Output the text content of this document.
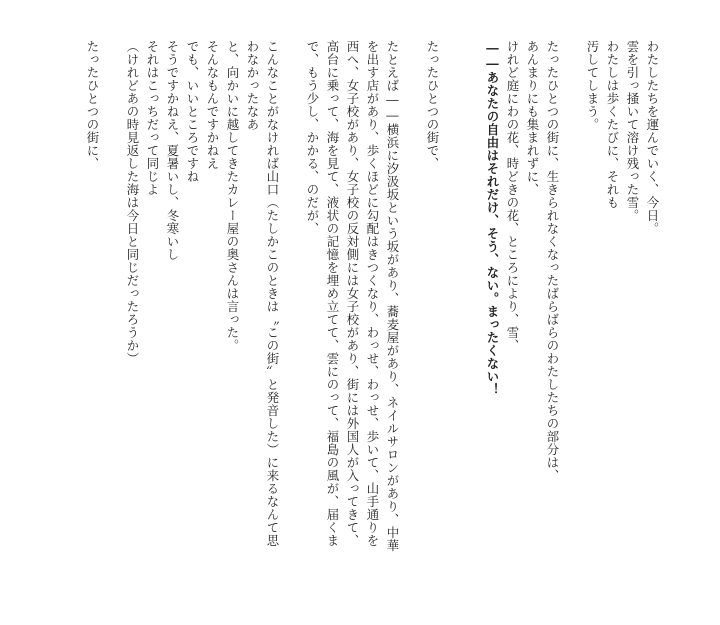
わたしたちを運んでいく、今日。
雲を引っ掻いて溶け残った雪。
わたしは歩くたびに、それも
汚してしまう。
たったひとつの街に、生きられなくなったばらばらのわたしたちの部分は、
あんまりにも集まれずに、
けれど庭にわの花、時どきの花、ところにより、雪、
――あなたの自由はそれだけ、そう、ない。まったくない！
たったひとつの街で、
たとえば――横浜に汐汲坂という坂があり、蕎麦屋があり、ネイルサロンがあり、中華
を出す店があり、歩くほどに勾配はきつくなり、わっせ、わっせ、歩いて、山手通りを
西へ、女子校があり、女子校の反対側には女子校があり、街には外国人が入ってきて、
高台に乗って、海を見て、液状の記憶を埋め立てて、雲にのって、福島の風が、届くま
で、もう少し、かかる、のだが、
こんなことがなければ山口（たしかこのときは〝この街〟と発音した）に来るなんて思
わなかったなあ
と、向かいに越してきたカレー屋の奥さんは言った。
そんなもんですかねえ
でも、いいところですね
そうですかねえ、夏暑いし、冬寒いし
それはこっちだって同じよ
（けれどあの時見返した海は今日と同じだったろうか）
たったひとつの街に、
